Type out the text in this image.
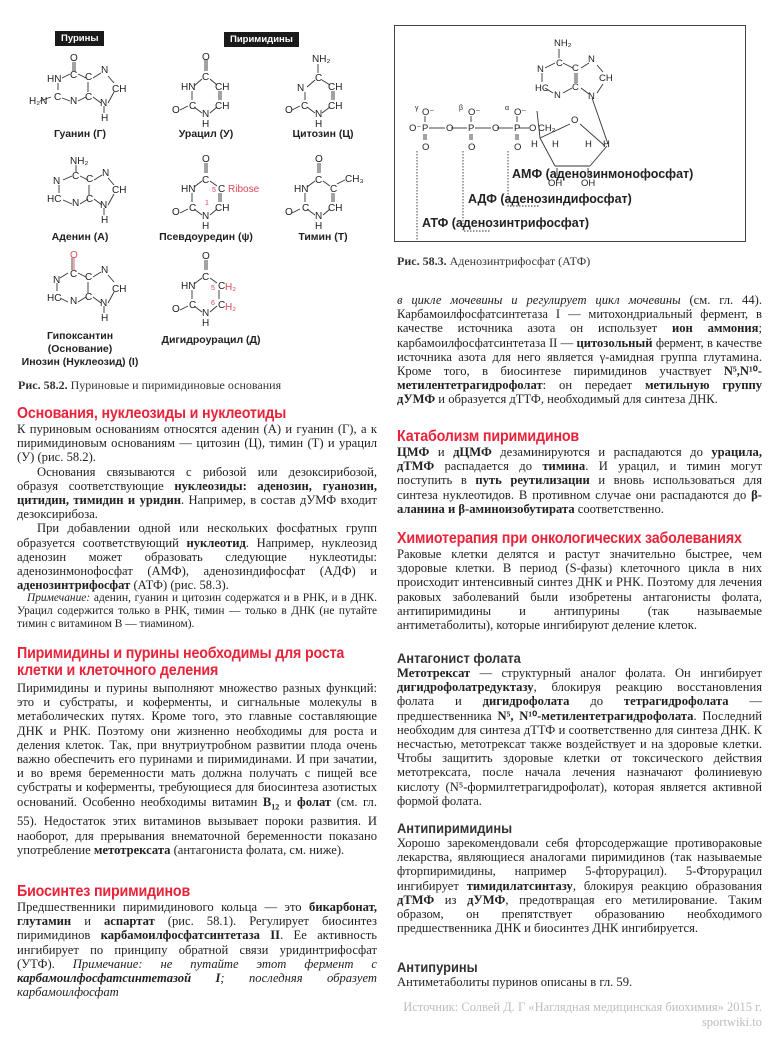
Пурины	Пиримидины
O
C
HN C
N
CH
C N C
N
H
H₂N
O
C
HN CH
CH
C
O N
H
NH₂
C
N CH
CH
C
O N
H
NH₂
C
N	C
N
CH
HC N C
N
H
O
C
HN 5 C Ribose
CH
C 1
O N
H
O
C
HN C
CH₃
CH
C
O N
H
O
C
N C
N
CH
HC N C
N
H
O
C
HN 5 C H₂
6 C H₂
C
O N
H
Гуанин (Г)	Урацил (У)	Цитозин (Ц)
Аденин (А)	Псевдоуредин (ψ)	Тимин (Т)
Гипоксантин
(Основание)
Инозин (Нуклеозид) (I)
Дигидроурацил (Д)
Рис. 58.2. Пуриновые и пиримидиновые основания
Основания, нуклеозиды и нуклеотиды

К пуриновым основаниям относятся аденин (А) и гуанин (Г), а к пиримидиновым основаниям — цитозин (Ц), тимин (Т) и урацил (У) (рис. 58.2).

Основания связываются с рибозой или дезоксирибозой, образуя соответствующие нуклеозиды: аденозин, гуанозин, цитидин, тимидин и уридин. Например, в состав дУМФ входит дезоксирибоза.

При добавлении одной или нескольких фосфатных групп образуется соответствующий нуклеотид. Например, нуклеозид аденозин может образовать следующие нуклеотиды: аденозинмонофосфат (АМФ), аденозиндифосфат (АДФ) и аденозинтрифосфат (АТФ) (рис. 58.3).

Примечание: аденин, гуанин и цитозин содержатся и в РНК, и в ДНК. Урацил содержится только в РНК, тимин — только в ДНК (не путайте тимин с витамином В — тиамином).

Пиримидины и пурины необходимы для роста
клетки и клеточного деления

Пиримидины и пурины выполняют множество разных функций: это и субстраты, и коферменты, и сигнальные молекулы в метаболических путях. Кроме того, это главные составляющие ДНК и РНК. Поэтому они жизненно необходимы для роста и деления клеток. Так, при внутриутробном развитии плода очень важно обеспечить его пуринами и пиримидинами. И при зачатии, и во время беременности мать должна получать с пищей все субстраты и коферменты, требующиеся для биосинтеза азотистых оснований. Особенно необходимы витамин $B_{12}$ и фолат (см. гл. 55). Недостаток этих витаминов вызывает пороки развития. И наоборот, для прерывания внематочной беременности показано употребление метотрексата (антагониста фолата, см. ниже).

Биосинтез пиримидинов

Предшественники пиримидинового кольца — это бикарбонат, глутамин и аспартат (рис. 58.1). Регулирует биосинтез пиримидинов карбамоилфосфатсинтетаза II. Ее активность ингибирует по принципу обратной связи уридинтрифосфат (УТФ). Примечание: не путайте этот фермент с карбамоилфосфатсинтетазой I; последняя образует карбамоилфосфат

NH₂
C
N	C
N
CH
HC
N
C
N
O⁻
γ	O⁻
β	O⁻
α
O⁻ P O P O P O CH₂
O	O	O
O
H H	H H
OH OH
АМФ (аденозинмонофосфат)
АДФ (аденозиндифосфат)
АТФ (аденозинтрифосфат)
Рис. 58.3. Аденозинтрифосфат (АТФ)

в цикле мочевины и регулирует цикл мочевины (см. гл. 44). Карбамоилфосфатсинтетаза I — митохондриальный фермент, в качестве источника азота он использует ион аммония; карбамоилфосфатсинтетаза II — цитозольный фермент, в качестве источника азота для него является γ-амидная группа глутамина. Кроме того, в биосинтезе пиримидинов участвует N⁵,N¹⁰-метилентетрагидрофолат: он передает метильную группу дУМФ и образуется дТТФ, необходимый для синтеза ДНК.

Катаболизм пиримидинов

ЦМФ и дЦМФ дезаминируются и распадаются до урацила, дТМФ распадается до тимина. И урацил, и тимин могут поступить в путь реутилизации и вновь использоваться для синтеза нуклеотидов. В противном случае они распадаются до β-аланина и β-аминоизобутирата соответственно.

Химиотерапия при онкологических заболеваниях

Раковые клетки делятся и растут значительно быстрее, чем здоровые клетки. В период (S-фазы) клеточного цикла в них происходит интенсивный синтез ДНК и РНК. Поэтому для лечения раковых заболеваний были изобретены антагонисты фолата, антипиримидины и антипурины (так называемые антиметаболиты), которые ингибируют деление клеток.

Антагонист фолата

Метотрексат — структурный аналог фолата. Он ингибирует дигидрофолатредуктазу, блокируя реакцию восстановления фолата и дигидрофолата до тетрагидрофолата — предшественника N⁵, N¹⁰-метилентетрагидрофолата. Последний необходим для синтеза дТТФ и соответственно для синтеза ДНК. К несчастью, метотрексат также воздействует и на здоровые клетки. Чтобы защитить здоровые клетки от токсического действия метотрексата, после начала лечения назначают фолиниевую кислоту (N⁵-формилтетрагидрофолат), которая является активной формой фолата.

Антипиримидины

Хорошо зарекомендовали себя фторсодержащие противораковые лекарства, являющиеся аналогами пиримидинов (так называемые фторпиримидины, например 5-фторурацил). 5-Фторурацил ингибирует тимидилатсинтазу, блокируя реакцию образования дТМФ из дУМФ, предотвращая его метилирование. Таким образом, он препятствует образованию необходимого предшественника ДНК и биосинтез ДНК ингибируется.

Антипурины

Антиметаболиты пуринов описаны в гл. 59.

Источник: Солвей Д. Г «Наглядная медицинская биохимия» 2015 г.
sportwiki.to
